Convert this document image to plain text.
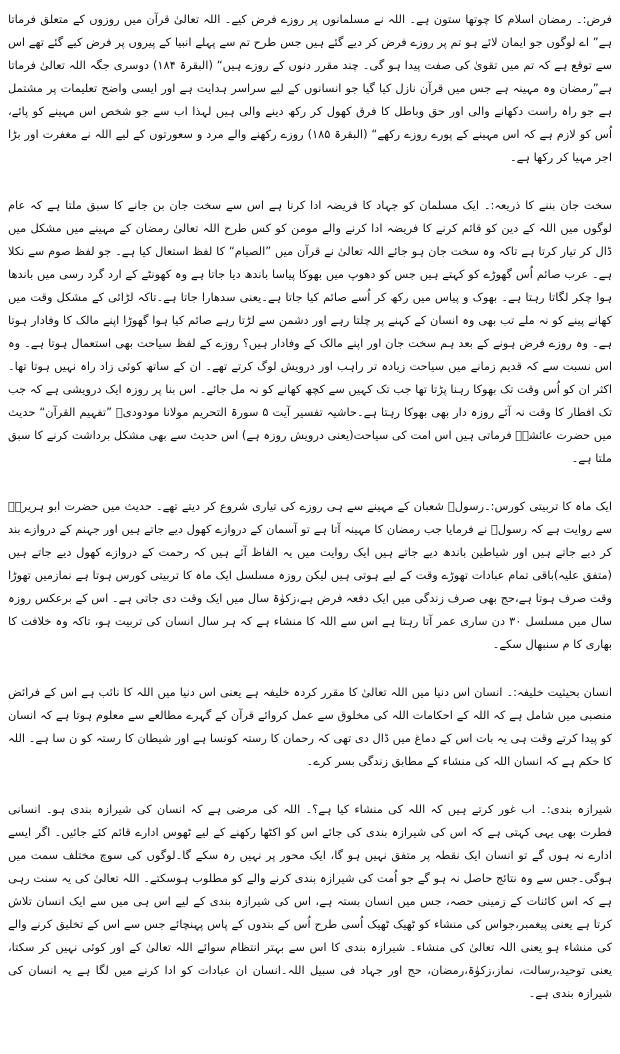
فرض:۔ رمضان اسلام کا چوتھا ستون ہے۔ اللہ نے مسلمانوں پر روزے فرض کیے۔ اللہ تعالیٰ قرآن میں روزوں کے متعلق فرماتا ہے” اے لوگوں جو ایمان لائے ہو تم پر روزے فرض کر دیے گئے ہیں جس طرح تم سے پہلے انبیا کے پیروں پر فرض کیے گئے تھے اس سے توقع ہے کہ تم میں تقویٰ کی صفت پیدا ہو گی۔ چند مقرر دنوں کے روزے ہیں“ (البقرۃ ۱۸۴) دوسری جگہ اللہ تعالیٰ فرماتا ہے”رمضان وہ مہینہ ہے جس میں قرآن نازل کیا گیا جو انسانوں کے لیے سراسر ہدایت ہے اور ایسی واضح تعلیمات پر مشتمل ہے جو راہ راست دکھانے والی اور حق وباطل کا فرق کھول کر رکھ دینے والی ہیں لہذا اب سے جو شخص اس مہینے کو پائے، اُس کو لازم ہے کہ اس مہینے کے پورے روزے رکھے“ (البقرۃ ۱۸۵) روزے رکھنے والے مرد و سعورتوں کے لیے اللہ نے مغفرت اور بڑا اجر مہیا کر رکھا ہے۔

سخت جان بننے کا ذریعہ:۔ ایک مسلمان کو جہاد کا فریضہ ادا کرنا ہے اس سے سخت جان بن جانے کا سبق ملتا ہے کہ عام لوگوں میں اللہ کے دین کو قائم کرنے کا فریضہ ادا کرنے والے مومن کو کس طرح اللہ تعالیٰ رمضان کے مہینے میں مشکل میں ڈال کر تیار کرتا ہے تاکہ وہ سخت جان ہو جائے اللہ تعالیٰ نے قرآن میں ”الصیام“ کا لفظ استعال کیا ہے۔ جو لفظ صوم سے نکلا ہے۔ عرب صائم اُس گھوڑے کو کہتے ہیں جس کو دھوپ میں بھوکا پیاسا باندھ دیا جاتا ہے وہ کھونٹے کے ارد گرد رسی میں باندھا ہوا چکر لگاتا رہتا ہے۔ بھوک و پیاس میں رکھ کر اُسے صائم کیا جاتا ہے۔یعنی سدھارا جاتا ہے۔تاکہ لڑائی کے مشکل وقت میں کھانے پینے کو نہ ملے تب بھی وہ انسان کے کہنے پر چلتا رہے اور دشمن سے لڑتا رہے صائم کیا ہوا گھوڑا اپنے مالک کا وفادار ہوتا ہے۔ وہ روزے فرض ہونے کے بعد ہم سخت جان اور اپنے مالک کے وفادار ہیں؟ روزے کے لفظ سیاحت بھی استعمال ہوتا ہے۔ وہ اس نسبت سے کہ قدیم زمانے میں سیاحت زیادہ تر راہب اور درویش لوگ کرتے تھے۔ ان کے ساتھ کوئی زاد راہ نہیں ہوتا تھا۔ اکثر ان کو اُس وقت تک بھوکا رہنا پڑتا تھا جب تک کہیں سے کچھ کھانے کو نہ مل جائے۔ اس بنا پر روزہ ایک درویشی ہے کہ جب تک افطار کا وقت نہ آئے روزہ دار بھی بھوکا رہتا ہے۔حاشیہ تفسیر آیت ۵ سورۃ التحریم مولانا مودودیؒ ”تفہیم القرآن“ حدیث میں حضرت عائشہؓ فرماتی ہیں اس امت کی سیاحت(یعنی درویش روزہ ہے) اس حدیث سے بھی مشکل برداشت کرنے کا سبق ملتا ہے۔

ایک ماہ کا تربیتی کورس:۔رسولؐ شعبان کے مہینے سے ہی روزے کی تیاری شروع کر دیتے تھے۔ حدیث میں حضرت ابو ہریرہؓ سے روایت ہے کہ رسولؐ نے فرمایا جب رمضان کا مہینہ آتا ہے تو آسمان کے دروازے کھول دیے جاتے ہیں اور جہنم کے دروازے بند کر دیے جاتے ہیں اور شیاطین باندھ دیے جاتے ہیں ایک روایت میں یہ الفاظ آئے ہیں کہ رحمت کے دروازے کھول دیے جاتے ہیں (متفق علیہ)باقی تمام عبادات تھوڑے وقت کے لیے ہوتی ہیں لیکن روزہ مسلسل ایک ماہ کا تربیتی کورس ہوتا ہے نمازمیں تھوڑا وقت صرف ہوتا ہے،حج بھی صرف زندگی میں ایک دفعہ فرض ہے،زکوٰۃ سال میں ایک وقت دی جاتی ہے۔ اس کے برعکس روزہ سال میں مسلسل ۳۰ دن ساری عمر آتا رہتا ہے اس سے اللہ کا منشاء ہے کہ ہر سال انسان کی تربیت ہو، تاکہ وہ خلافت کا بھاری کا م سنبھال سکے۔

انسان بحیثیت خلیفہ:۔ انسان اس دنیا میں اللہ تعالیٰ کا مقرر کردہ خلیفہ ہے یعنی اس دنیا میں اللہ کا نائب ہے اس کے فرائض منصبی میں شامل ہے کہ اللہ کے احکامات اللہ کی مخلوق سے عمل کروائے قرآن کے گہرے مطالعے سے معلوم ہوتا ہے کہ انسان کو پیدا کرتے وقت ہی یہ بات اس کے دماغ میں ڈال دی تھی کہ رحمان کا رستہ کونسا ہے اور شیطان کا رستہ کو ن سا ہے۔ اللہ کا حکم ہے کہ انسان اللہ کی منشاء کے مطابق زندگی بسر کرے۔

شیرازہ بندی:۔ اب غور کرتے ہیں کہ اللہ کی منشاء کیا ہے؟۔ اللہ کی مرضی ہے کہ انسان کی شیرازہ بندی ہو۔ انسانی فطرت بھی یہی کہتی ہے کہ اس کی شیرازہ بندی کی جائے اس کو اکٹھا رکھنے کے لیے ٹھوس ادارے قائم کئے جائیں۔ اگر ایسے ادارے نہ ہوں گے تو انسان ایک نقطہ پر متفق نہیں ہو گا، ایک محور پر نہیں رہ سکے گا۔لوگوں کی سوچ مختلف سمت میں ہوگی۔جس سے وہ نتائج حاصل نہ ہو گے جو اُمت کی شیرازہ بندی کرنے والے کو مطلوب ہوسکتے۔ اللہ تعالیٰ کی یہ سنت رہی ہے کہ اس کائنات کے زمینی حصہ، جس میں انسان بستہ ہے، اس کی شیرازہ بندی کے لیے اس ہی میں سے ایک انسان تلاش کرتا ہے یعنی پیغمبر،جواس کی منشاء کو ٹھیک ٹھیک اُسی طرح اُس کے بندوں کے پاس پہنچائے جس سے اس کے تخلیق کرنے والے کی منشاء ہو یعنی اللہ تعالیٰ کی منشاء۔ شیرازہ بندی کا اس سے بہتر انتظام سوائے اللہ تعالیٰ کے اور کوئی نہیں کر سکتا، یعنی توحید،رسالت، نماز،زکوٰۃ،رمضان، حج اور جہاد فی سبیل اللہ۔انسان ان عبادات کو ادا کرنے میں لگا ہے یہ انسان کی شیرازہ بندی ہے۔
